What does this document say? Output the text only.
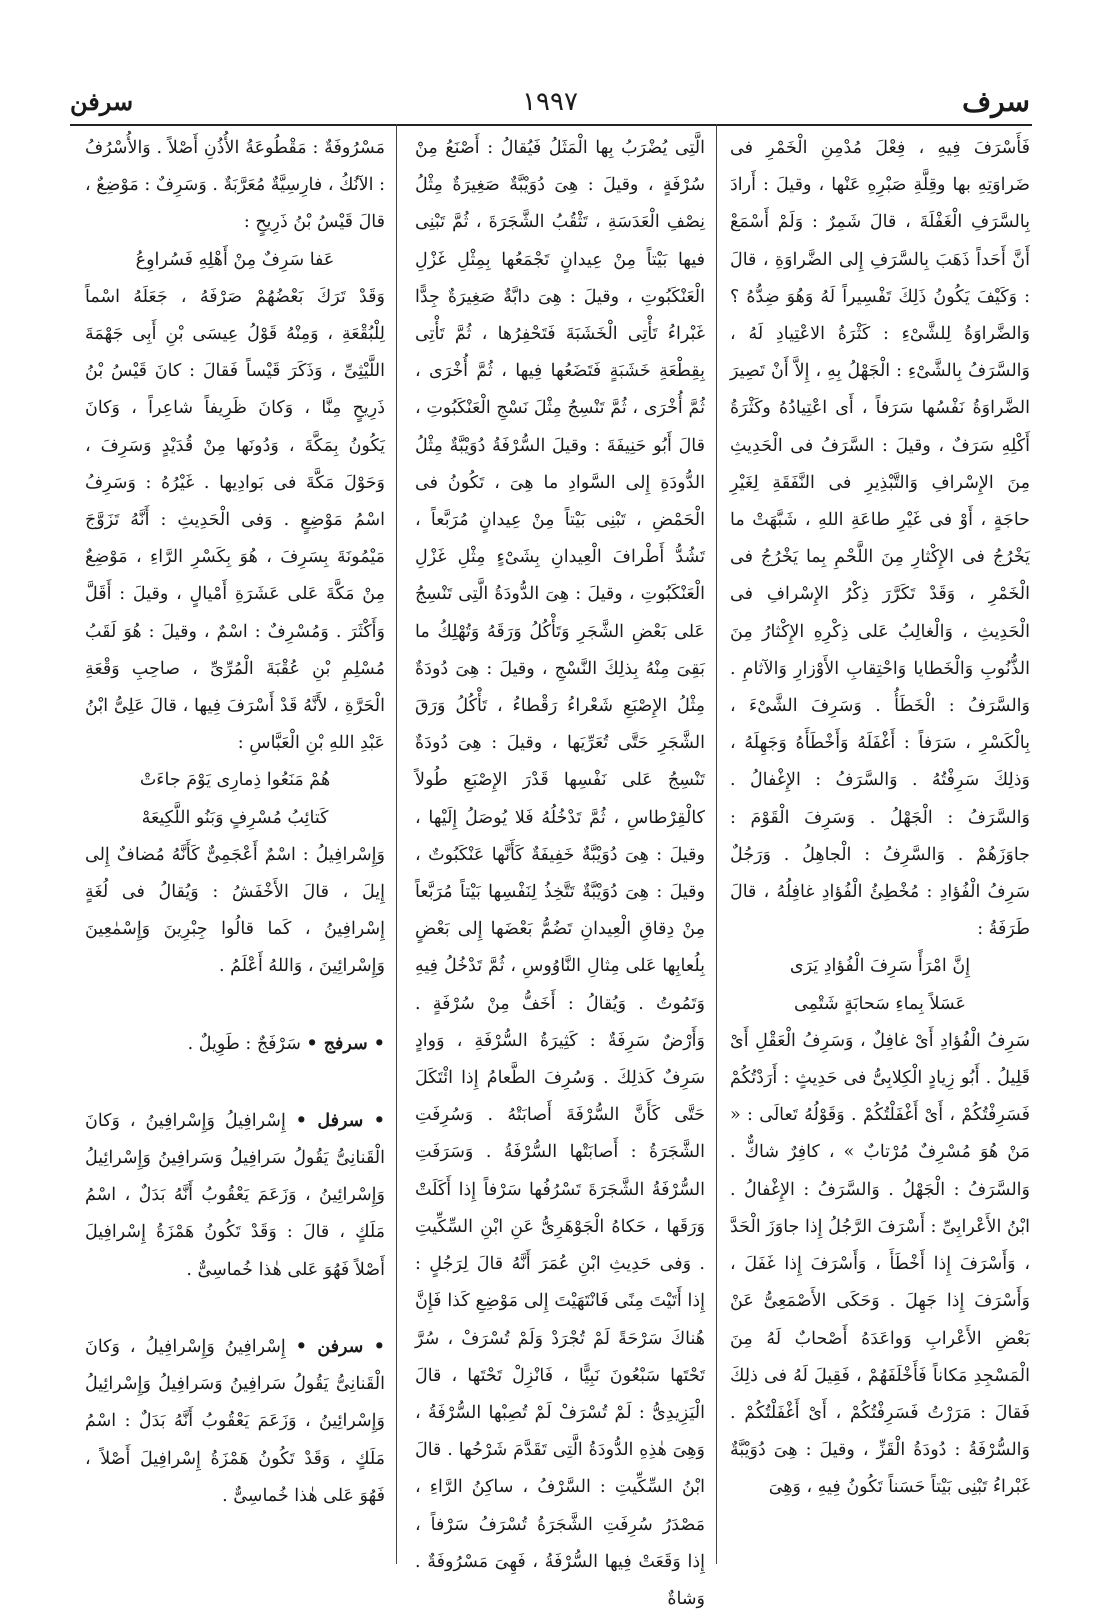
سرف
١٩٩٧
سرفن

فَأَسْرَفَ فِيهِ ، فِعْلَ مُدْمِنِ الْخَمْرِ فى ضَراوَتِهِ بها وقِلَّةِ صَبْرِهِ عَنْها ، وقيلَ : أَرادَ بِالسَّرَفِ الْغَفْلَةَ ، قالَ شَمِرٌ : وَلَمْ أَسْمَعْ أَنَّ أَحَداً ذَهَبَ بِالسَّرَفِ إِلى الضَّراوَةِ ، قالَ : وَكَيْفَ يَكُونُ ذَلِكَ تَفْسِيراً لَهُ وَهُوَ ضِدُّهُ ؟ وَالضَّراوَةُ لِلشَّىْءِ : كَثْرَةُ الاعْتِيادِ لَهُ ، وَالسَّرَفُ بِالشَّىْءِ : الْجَهْلُ بِهِ ، إِلاَّ أَنْ تَصِيرَ الضَّراوَةُ نَفْسُها سَرَفاً ، أَى اعْتِيادُهُ وكَثْرَةُ أَكْلِهِ سَرَفٌ ، وقيلَ : السَّرَفُ فى الْحَدِيثِ مِنَ الإِسْرافِ وَالتَّبْذِيرِ فى النَّفَقَةِ لِغَيْرِ حاجَةٍ ، أَوْ فى غَيْرِ طاعَةِ اللهِ ، شَبَّهَتْ ما يَخْرُجُ فى الإِكْثارِ مِنَ اللَّحْمِ بِما يَخْرُجُ فى الْخَمْرِ ، وَقَدْ تَكَرَّرَ ذِكْرُ الإِسْرافِ فى الْحَدِيثِ ، وَالْغالِبُ عَلى ذِكْرِهِ الإِكْثارُ مِنَ الذُّنُوبِ وَالْخَطايا وَاحْتِقابِ الأَوْزارِ وَالآثامِ . وَالسَّرَفُ : الْخَطَأُ . وَسَرِفَ الشَّىْءَ ، بِالْكَسْرِ ، سَرَفاً : أَغْفَلَهُ وَأَخْطَأَهُ وَجَهِلَهُ ، وَذلِكَ سَرِفْتُهُ . وَالسَّرَفُ : الإِغْفالُ . وَالسَّرَفُ : الْجَهْلُ . وَسَرِفَ الْقَوْمَ : جاوَزَهُمْ . وَالسَّرِفُ : الْجاهِلُ . وَرَجُلٌ سَرِفُ الْفُؤادِ : مُخْطِئُ الْفُؤادِ غافِلُهُ ، قالَ طَرَفَةُ :

إِنَّ امْرَأً سَرِفَ الْفُؤادِ يَرَى

عَسَلاً بِماءِ سَحابَةٍ شَتْمِى

سَرِفُ الْفُؤادِ أَىْ غافِلٌ ، وَسَرِفُ الْعَقْلِ أَىْ قَلِيلُ . أَبُو زِيادٍ الْكِلابِىُّ فى حَدِيثٍ : أَرَدْتُكُمْ فَسَرِفْتُكُمْ ، أَىْ أَغْفَلْتُكُمْ . وَقَوْلُهُ تَعالَى : « مَنْ هُوَ مُسْرِفٌ مُرْتابٌ » ، كافِرٌ شاكٌّ . وَالسَّرَفُ : الْجَهْلُ . وَالسَّرَفُ : الإِغْفالُ . ابْنُ الأَعْرابِىِّ : أَسْرَفَ الرَّجُلُ إِذا جاوَزَ الْحَدَّ ، وَأَسْرَفَ إِذا أَخْطَأَ ، وَأَسْرَفَ إِذا غَفَلَ ، وَأَسْرَفَ إِذا جَهِلَ . وَحَكَى الأَصْمَعِىُّ عَنْ بَعْضِ الأَعْرابِ وَواعَدَهُ أَصْحابٌ لَهُ مِنَ الْمَسْجِدِ مَكاناً فَأَخْلَفَهُمْ ، فَقِيلَ لَهُ فى ذلِكَ فَقالَ : مَرَرْتُ فَسَرِفْتُكُمْ ، أَىْ أَغْفَلْتُكُمْ . وَالسُّرْفَةُ : دُودَةُ الْقَزِّ ، وقيلَ : هِىَ دُوَيْبَّةٌ غَبْراءُ تَبْنِى بَيْتاً حَسَناً تَكُونُ فِيهِ ، وَهِىَ

الَّتِى يُضْرَبُ بِها الْمَثَلُ فَيُقالُ : أَصْنَعُ مِنْ سُرْفَةٍ ، وقيلَ : هِىَ دُوَيْبَّةٌ صَغِيرَةٌ مِثْلُ نِصْفِ الْعَدَسَةِ ، تَثْقُبُ الشَّجَرَةَ ، ثُمَّ تَبْنِى فيها بَيْتاً مِنْ عِيدانٍ تَجْمَعُها بِمِثْلِ غَزْلِ الْعَنْكَبُوتِ ، وقيلَ : هِىَ دابَّةٌ صَغِيرَةٌ جِدًّا غَبْراءُ تَأْتِى الْخَشَبَةَ فَتَحْفِرُها ، ثُمَّ تَأْتِى بِقِطْعَةِ خَشَبَةٍ فَتَضَعُها فِيها ، ثُمَّ أُخْرَى ، ثُمَّ أُخْرَى ، ثُمَّ تَنْسِجُ مِثْلَ نَسْجِ الْعَنْكَبُوتِ ، قالَ أَبُو حَنِيفَةَ : وقيلَ السُّرْفَةُ دُوَيْبَّةٌ مِثْلُ الدُّودَةِ إِلى السَّوادِ ما هِىَ ، تَكُونُ فى الْحَمْضِ ، تَبْنِى بَيْتاً مِنْ عِيدانٍ مُرَبَّعاً ، تَشُدُّ أَطْرافَ الْعِيدانِ بِشَىْءٍ مِثْلِ غَزْلِ الْعَنْكَبُوتِ ، وقيلَ : هِىَ الدُّودَةُ الَّتِى تَنْسِجُ عَلى بَعْضِ الشَّجَرِ وَتَأْكُلُ وَرَقَهُ وَتُهْلِكُ ما بَقِىَ مِنْهُ بِذلِكَ النَّسْجِ ، وقيلَ : هِىَ دُودَةٌ مِثْلُ الإِصْبَعِ شَعْراءُ رَقْطاءُ ، تَأْكُلُ وَرَقَ الشَّجَرِ حَتَّى تُعَرِّيَها ، وقيلَ : هِىَ دُودَةٌ تَنْسِجُ عَلى نَفْسِها قَدْرَ الإِصْبَعِ طُولاً كالْقِرْطاسِ ، ثُمَّ تَدْخُلُهُ فَلا يُوصَلُ إِلَيْها ، وقيلَ : هِىَ دُوَيْبَّةٌ خَفِيفَةٌ كَأَنَّها عَنْكَبُوتٌ ، وقيلَ : هِىَ دُوَيْبَّةٌ تَتَّخِذُ لِنَفْسِها بَيْتاً مُرَبَّعاً مِنْ دِقاقِ الْعِيدانِ تَضُمُّ بَعْضَها إِلى بَعْضٍ بِلُعابِها عَلى مِثالِ النَّاوُوسِ ، ثُمَّ تَدْخُلُ فِيهِ وَتَمُوتُ . وَيُقالُ : أَخَفُّ مِنْ سُرْفَةٍ . وَأَرْضٌ سَرِفَةٌ : كَثِيرَةُ السُّرْفَةِ ، وَوادٍ سَرِفٌ كَذلِكَ . وَسُرِفَ الطَّعامُ إِذا ائْتَكَلَ حَتَّى كَأَنَّ السُّرْفَةَ أَصابَتْهُ . وَسُرِفَتِ الشَّجَرَةُ : أَصابَتْها السُّرْفَةُ . وَسَرَفَتِ السُّرْفَةُ الشَّجَرَةَ تَسْرُفُها سَرْفاً إِذا أَكَلَتْ وَرَقَها ، حَكاهُ الْجَوْهَرِىُّ عَنِ ابْنِ السِّكِّيتِ . وَفى حَدِيثِ ابْنِ عُمَرَ أَنَّهُ قالَ لِرَجُلٍ : إِذا أَتَيْتَ مِنًى فَانْتَهَيْتَ إِلى مَوْضِعِ كَذا فَإِنَّ هُناكَ سَرْحَةً لَمْ تُجْرَدْ وَلَمْ تُسْرَفْ ، سُرَّ تَحْتَها سَبْعُونَ نَبِيًّا ، فَانْزِلْ تَحْتَها ، قالَ الْيَزِيدِىُّ : لَمْ تُسْرَفْ لَمْ تُصِبْها السُّرْفَةُ ، وَهِىَ هٰذِهِ الدُّودَةُ الَّتِى تَقَدَّمَ شَرْحُها . قالَ ابْنُ السِّكِّيتِ : السَّرْفُ ، ساكِنُ الرَّاءِ ، مَصْدَرُ سُرِفَتِ الشَّجَرَةُ تُسْرَفُ سَرْفاً ، إِذا وَقَعَتْ فِيها السُّرْفَةُ ، فَهِىَ مَسْرُوفَةٌ . وَشاةٌ

مَسْرُوفَةٌ : مَقْطُوعَةُ الأُذُنِ أَصْلاً . وَالأُسْرُفُ : الآنُكُ ، فارِسِيَّةٌ مُعَرَّبَةٌ . وَسَرِفٌ : مَوْضِعٌ ، قالَ قَيْسُ بْنُ ذَرِيحٍ :

عَفا سَرِفٌ مِنْ أَهْلِهِ فَسُراوِعُ

وَقَدْ تَرَكَ بَعْضُهُمْ صَرْفَهُ ، جَعَلَهُ اسْماً لِلْبُقْعَةِ ، وَمِنْهُ قَوْلُ عِيسَى بْنِ أَبِى جَهْمَةَ اللَّيْثِىِّ ، وَذَكَرَ قَيْساً فَقالَ : كانَ قَيْسُ بْنُ ذَرِيحٍ مِنَّا ، وَكانَ ظَرِيفاً شاعِراً ، وَكانَ يَكُونُ بِمَكَّةَ ، وَدُونَها مِنْ قُدَيْدٍ وَسَرِفَ ، وَحَوْلَ مَكَّةَ فى بَوادِيها . غَيْرُهُ : وَسَرِفُ اسْمُ مَوْضِعٍ . وَفى الْحَدِيثِ : أَنَّهُ تَزَوَّجَ مَيْمُونَةَ بِسَرِفَ ، هُوَ بِكَسْرِ الرَّاءِ ، مَوْضِعٌ مِنْ مَكَّةَ عَلى عَشَرَةِ أَمْيالٍ ، وقيلَ : أَقَلَّ وَأَكْثَرَ . وَمُسْرِفٌ : اسْمٌ ، وقيلَ : هُوَ لَقَبُ مُسْلِمِ بْنِ عُقْبَةَ الْمُرِّىِّ ، صاحِبِ وَقْعَةِ الْحَرَّةِ ، لأَنَّهُ قَدْ أَسْرَفَ فِيها ، قالَ عَلِىُّ ابْنُ عَبْدِ اللهِ بْنِ الْعَبَّاسِ :

هُمْ مَنَعُوا ذِمارِى يَوْمَ جاءَتْ

كَتائِبُ مُسْرِفٍ وَبَنُو اللَّكِيعَهْ

وَإِسْرافِيلُ : اسْمٌ أَعْجَمِىٌّ كَأَنَّهُ مُضافٌ إِلى إِيلَ ، قالَ الأَخْفَشُ : وَيُقالُ فى لُغَةٍ إِسْرافِينُ ، كَما قالُوا جِبْرِينَ وَإِسْمٰعِينَ وَإِسْرائِينَ ، وَاللهُ أَعْلَمُ .

• سرفج • سَرْفَجٌ : طَوِيلٌ .

• سرفل • إِسْرافِيلُ وَإِسْرافِينُ ، وَكانَ الْقَنانِىُّ يَقُولُ سَرافِيلُ وَسَرافِينُ وَإِسْرائِيلُ وَإِسْرائِينُ ، وَزَعَمَ يَعْقُوبُ أَنَّهُ بَدَلٌ ، اسْمُ مَلَكٍ ، قالَ : وَقَدْ تَكُونُ هَمْزَةُ إِسْرافِيلَ أَصْلاً فَهُوَ عَلى هٰذا خُماسِىٌّ .

• سرفن • إِسْرافِينُ وَإِسْرافِيلُ ، وَكانَ الْقَنانِىُّ يَقُولُ سَرافِينُ وَسَرافِيلُ وَإِسْرائِيلُ وَإِسْرائِينُ ، وَزَعَمَ يَعْقُوبُ أَنَّهُ بَدَلٌ : اسْمُ مَلَكٍ ، وَقَدْ تَكُونُ هَمْزَةُ إِسْرافِيلَ أَصْلاً ، فَهُوَ عَلى هٰذا خُماسِىٌّ .
